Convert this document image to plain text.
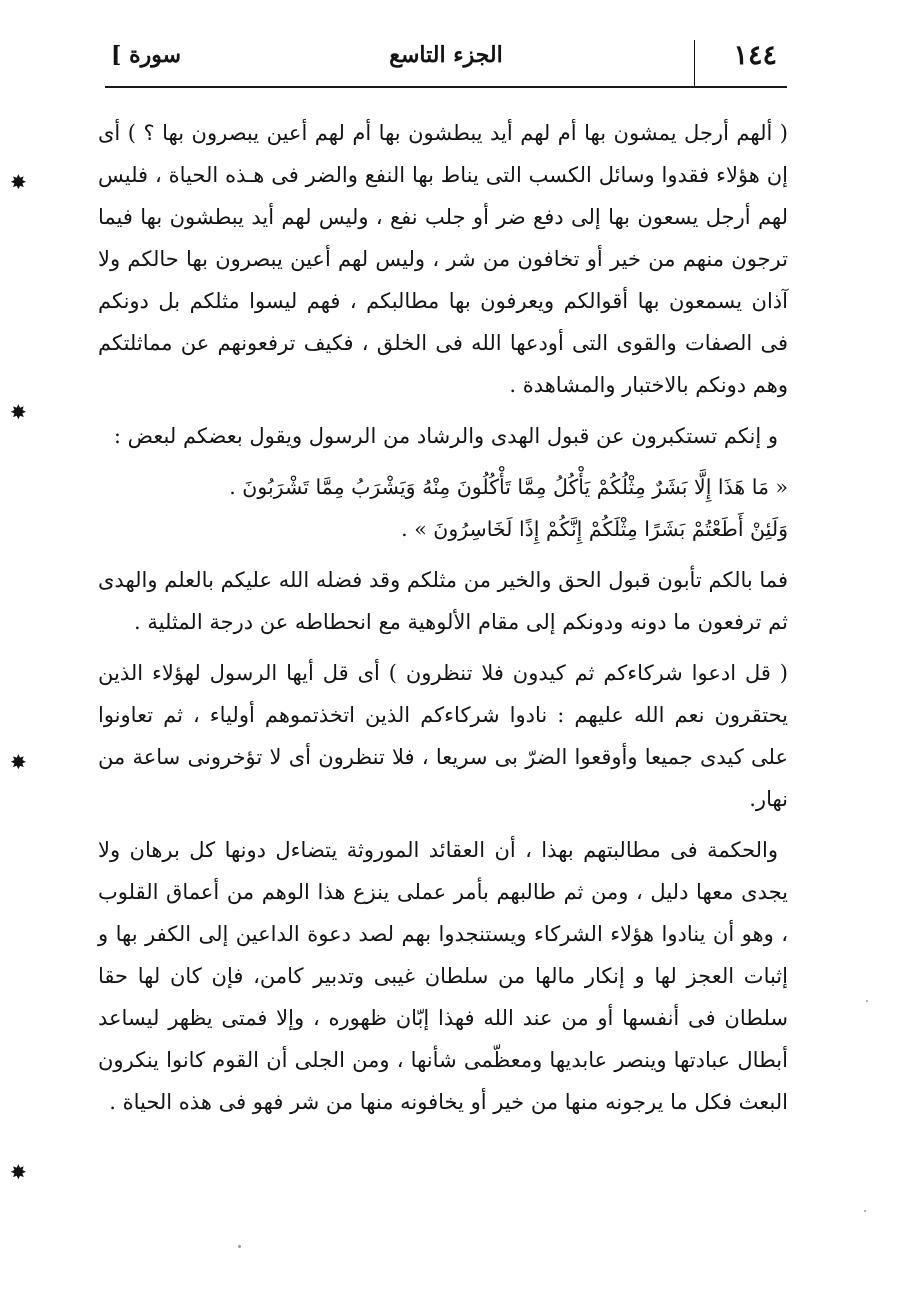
١٤٤
الجزء التاسع
سورة ]

( ألهم أرجل يمشون بها أم لهم أيد يبطشون بها أم لهم أعين يبصرون بها ؟ ) أى إن هؤلاء فقدوا وسائل الكسب التى يناط بها النفع والضر فى هـذه الحياة ، فليس لهم أرجل يسعون بها إلى دفع ضر أو جلب نفع ، وليس لهم أيد يبطشون بها فيما ترجون منهم من خير أو تخافون من شر ، وليس لهم أعين يبصرون بها حالكم ولا آذان يسمعون بها أقوالكم ويعرفون بها مطالبكم ، فهم ليسوا مثلكم بل دونكم فى الصفات والقوى التى أودعها الله فى الخلق ، فكيف ترفعونهم عن مماثلتكم وهم دونكم بالاختبار والمشاهدة .

و إنكم تستكبرون عن قبول الهدى والرشاد من الرسول ويقول بعضكم لبعض :

« مَا هَذَا إِلَّا بَشَرٌ مِثْلُكُمْ يَأْكُلُ مِمَّا تَأْكُلُونَ مِنْهُ وَيَشْرَبُ مِمَّا تَشْرَبُونَ .
وَلَئِنْ أَطَعْتُمْ بَشَرًا مِثْلَكُمْ إِنَّكُمْ إِذًا لَخَاسِرُونَ » .

فما بالكم تأبون قبول الحق والخير من مثلكم وقد فضله الله عليكم بالعلم والهدى ثم ترفعون ما دونه ودونكم إلى مقام الألوهية مع انحطاطه عن درجة المثلية .

( قل ادعوا شركاءكم ثم كيدون فلا تنظرون ) أى قل أيها الرسول لهؤلاء الذين يحتقرون نعم الله عليهم : نادوا شركاءكم الذين اتخذتموهم أولياء ، ثم تعاونوا على كيدى جميعا وأوقعوا الضرّ بى سريعا ، فلا تنظرون أى لا تؤخرونى ساعة من نهار.

والحكمة فى مطالبتهم بهذا ، أن العقائد الموروثة يتضاءل دونها كل برهان ولا يجدى معها دليل ، ومن ثم طالبهم بأمر عملى ينزع هذا الوهم من أعماق القلوب ، وهو أن ينادوا هؤلاء الشركاء ويستنجدوا بهم لصد دعوة الداعين إلى الكفر بها و إثبات العجز لها و إنكار مالها من سلطان غيبى وتدبير كامن، فإن كان لها حقا سلطان فى أنفسها أو من عند الله فهذا إبّان ظهوره ، وإلا فمتى يظهر ليساعد أبطال عبادتها وينصر عابديها ومعظّمى شأنها ، ومن الجلى أن القوم كانوا ينكرون البعث فكل ما يرجونه منها من خير أو يخافونه منها من شر فهو فى هذه الحياة .

✸
✸
✸
✸
